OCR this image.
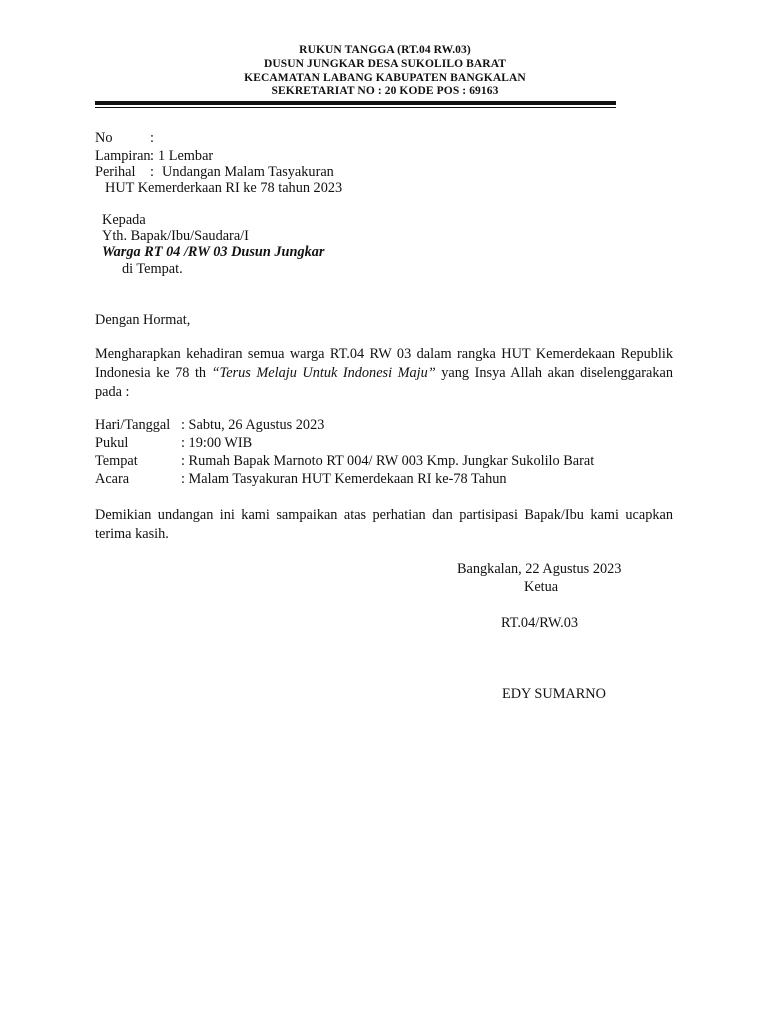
RUKUN TANGGA (RT.04 RW.03)
DUSUN JUNGKAR DESA SUKOLILO BARAT
KECAMATAN LABANG KABUPATEN BANGKALAN
SEKRETARIAT NO : 20 KODE POS : 69163
No	:
Lampiran : 1 Lembar
Perihal : Undangan Malam Tasyakuran
HUT Kemerderkaan RI ke 78 tahun 2023
Kepada
Yth. Bapak/Ibu/Saudara/I
Warga RT 04 /RW 03 Dusun Jungkar
di Tempat.
Dengan Hormat,
Mengharapkan kehadiran semua warga RT.04 RW 03 dalam rangka HUT Kemerdekaan Republik Indonesia ke 78 th “Terus Melaju Untuk Indonesi Maju” yang Insya Allah akan diselenggarakan pada :
Hari/Tanggal : Sabtu, 26 Agustus 2023
Pukul	: 19:00 WIB
Tempat	: Rumah Bapak Marnoto RT 004/ RW 003 Kmp. Jungkar Sukolilo Barat
Acara	: Malam Tasyakuran HUT Kemerdekaan RI ke-78 Tahun
Demikian undangan ini kami sampaikan atas perhatian dan partisipasi Bapak/Ibu kami ucapkan terima kasih.
Bangkalan, 22 Agustus 2023
Ketua
RT.04/RW.03
EDY SUMARNO
